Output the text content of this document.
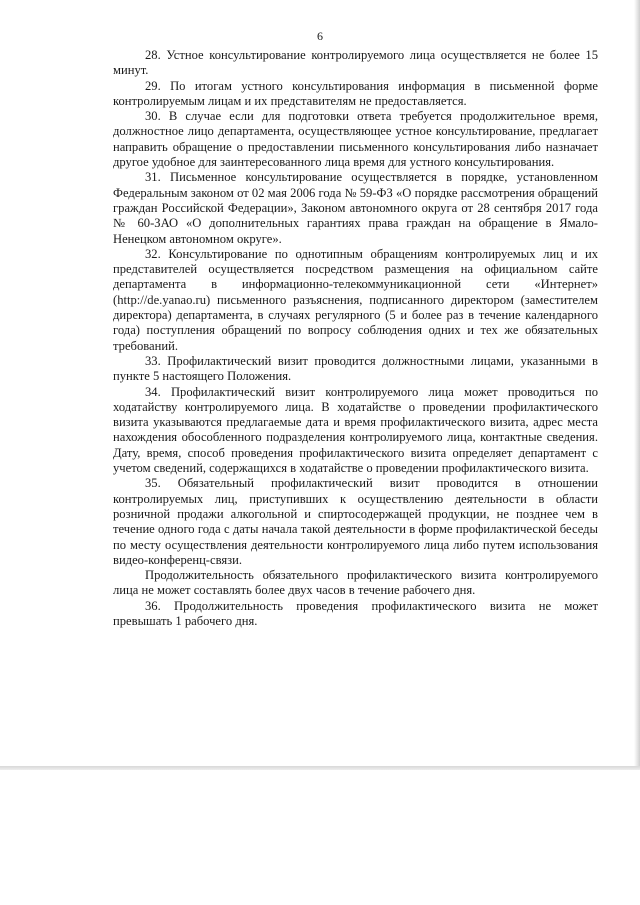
6

28. Устное консультирование контролируемого лица осуществляется не более 15 минут.

29. По итогам устного консультирования информация в письменной форме контролируемым лицам и их представителям не предоставляется.

30. В случае если для подготовки ответа требуется продолжительное время, должностное лицо департамента, осуществляющее устное консультирование, предлагает направить обращение о предоставлении письменного консультирования либо назначает другое удобное для заинтересованного лица время для устного консультирования.

31. Письменное консультирование осуществляется в порядке, установленном Федеральным законом от 02 мая 2006 года № 59-ФЗ «О порядке рассмотрения обращений граждан Российской Федерации», Законом автономного округа от 28 сентября 2017 года № 60-ЗАО «О дополнительных гарантиях права граждан на обращение в Ямало-Ненецком автономном округе».

32. Консультирование по однотипным обращениям контролируемых лиц и их представителей осуществляется посредством размещения на официальном сайте департамента в информационно-телекоммуникационной сети «Интернет» (http://de.yanao.ru) письменного разъяснения, подписанного директором (заместителем директора) департамента, в случаях регулярного (5 и более раз в течение календарного года) поступления обращений по вопросу соблюдения одних и тех же обязательных требований.

33. Профилактический визит проводится должностными лицами, указанными в пункте 5 настоящего Положения.

34. Профилактический визит контролируемого лица может проводиться по ходатайству контролируемого лица. В ходатайстве о проведении профилактического визита указываются предлагаемые дата и время профилактического визита, адрес места нахождения обособленного подразделения контролируемого лица, контактные сведения. Дату, время, способ проведения профилактического визита определяет департамент с учетом сведений, содержащихся в ходатайстве о проведении профилактического визита.

35. Обязательный профилактический визит проводится в отношении контролируемых лиц, приступивших к осуществлению деятельности в области розничной продажи алкогольной и спиртосодержащей продукции, не позднее чем в течение одного года с даты начала такой деятельности в форме профилактической беседы по месту осуществления деятельности контролируемого лица либо путем использования видео-конференц-связи.

Продолжительность обязательного профилактического визита контролируемого лица не может составлять более двух часов в течение рабочего дня.

36. Продолжительность проведения профилактического визита не может превышать 1 рабочего дня.
